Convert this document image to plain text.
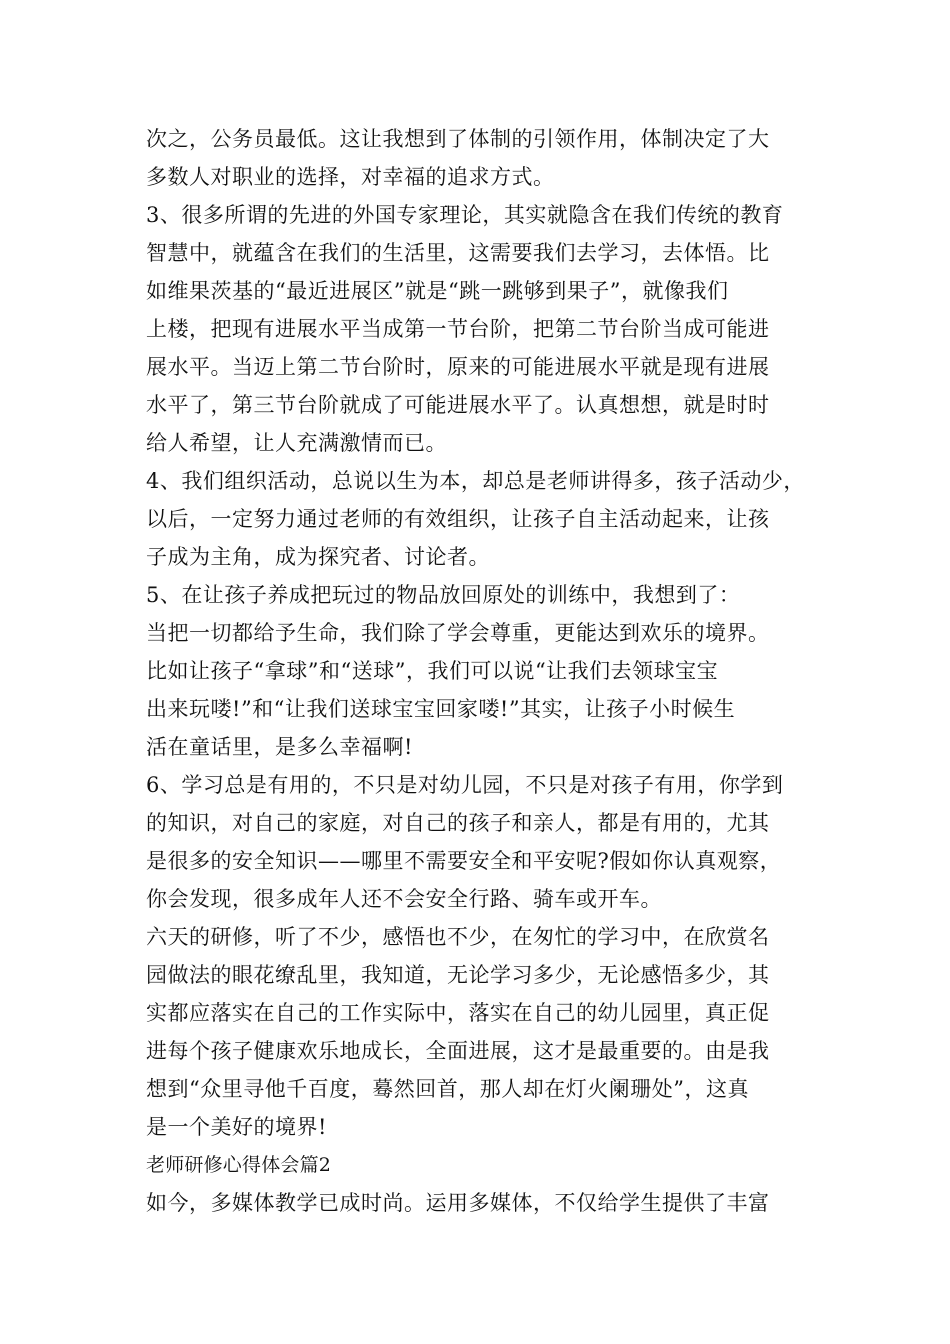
次之，公务员最低。这让我想到了体制的引领作用，体制决定了大
多数人对职业的选择，对幸福的追求方式。
3、很多所谓的先进的外国专家理论，其实就隐含在我们传统的教育
智慧中，就蕴含在我们的生活里，这需要我们去学习，去体悟。比
如维果茨基的“最近进展区”就是“跳一跳够到果子”，就像我们
上楼，把现有进展水平当成第一节台阶，把第二节台阶当成可能进
展水平。当迈上第二节台阶时，原来的可能进展水平就是现有进展
水平了，第三节台阶就成了可能进展水平了。认真想想，就是时时
给人希望，让人充满激情而已。
4、我们组织活动，总说以生为本，却总是老师讲得多，孩子活动少，
以后，一定努力通过老师的有效组织，让孩子自主活动起来，让孩
子成为主角，成为探究者、讨论者。
5、在让孩子养成把玩过的物品放回原处的训练中，我想到了：
当把一切都给予生命，我们除了学会尊重，更能达到欢乐的境界。
比如让孩子“拿球”和“送球”，我们可以说“让我们去领球宝宝
出来玩喽!”和“让我们送球宝宝回家喽!”其实，让孩子小时候生
活在童话里，是多么幸福啊!
6、学习总是有用的，不只是对幼儿园，不只是对孩子有用，你学到
的知识，对自己的家庭，对自己的孩子和亲人，都是有用的，尤其
是很多的安全知识——哪里不需要安全和平安呢?假如你认真观察，
你会发现，很多成年人还不会安全行路、骑车或开车。
六天的研修，听了不少，感悟也不少，在匆忙的学习中，在欣赏名
园做法的眼花缭乱里，我知道，无论学习多少，无论感悟多少，其
实都应落实在自己的工作实际中，落实在自己的幼儿园里，真正促
进每个孩子健康欢乐地成长，全面进展，这才是最重要的。由是我
想到“众里寻他千百度，蓦然回首，那人却在灯火阑珊处”，这真
是一个美好的境界!
老师研修心得体会篇2
如今，多媒体教学已成时尚。运用多媒体，不仅给学生提供了丰富
